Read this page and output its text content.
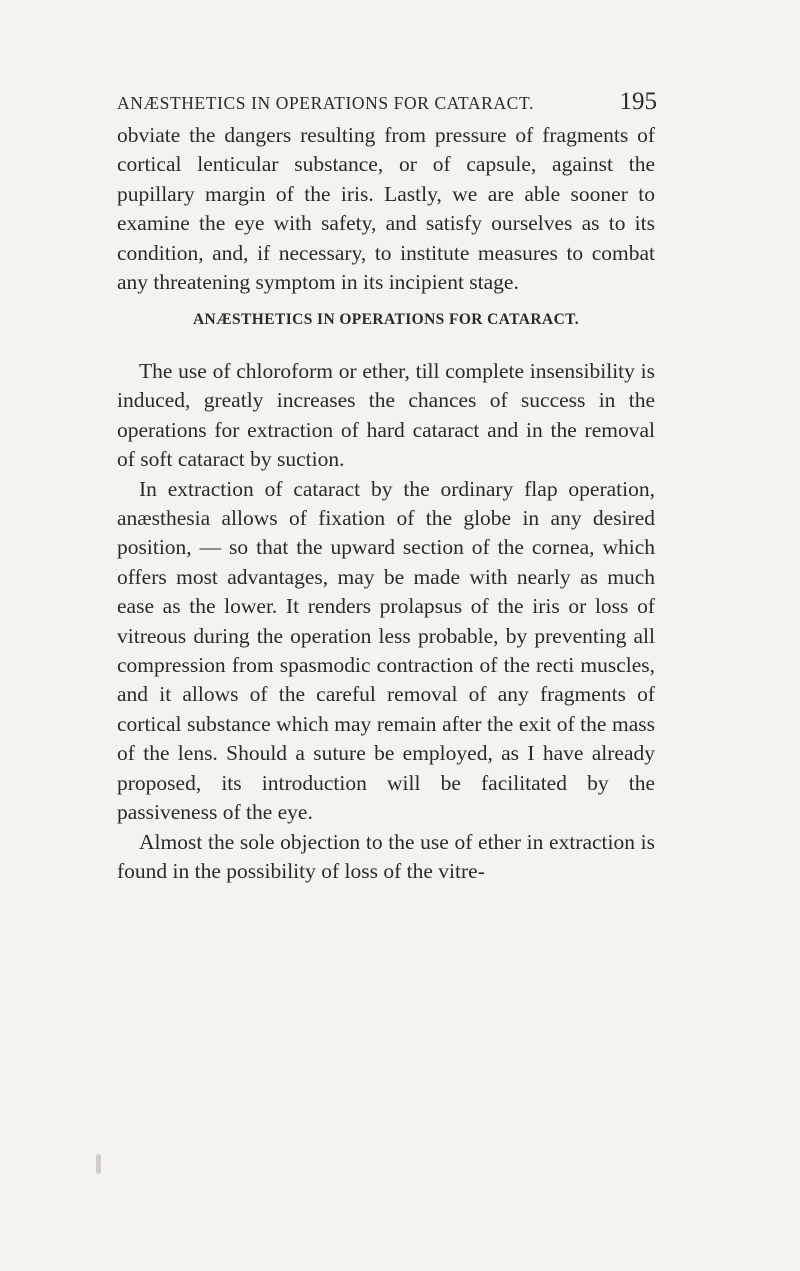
ANÆSTHETICS IN OPERATIONS FOR CATARACT.	195

obviate the dangers resulting from pressure of fragments of cortical lenticular substance, or of capsule, against the pupillary margin of the iris. Lastly, we are able sooner to examine the eye with safety, and satisfy ourselves as to its condition, and, if necessary, to institute measures to combat any threatening symptom in its incipient stage.

ANÆSTHETICS IN OPERATIONS FOR CATARACT.

The use of chloroform or ether, till complete insensibility is induced, greatly increases the chances of success in the operations for extraction of hard cataract and in the removal of soft cataract by suction.

In extraction of cataract by the ordinary flap operation, anæsthesia allows of fixation of the globe in any desired position, — so that the upward section of the cornea, which offers most advantages, may be made with nearly as much ease as the lower. It renders prolapsus of the iris or loss of vitreous during the operation less probable, by preventing all compression from spasmodic contraction of the recti muscles, and it allows of the careful removal of any fragments of cortical substance which may remain after the exit of the mass of the lens. Should a suture be employed, as I have already proposed, its introduction will be facilitated by the passiveness of the eye.

Almost the sole objection to the use of ether in extraction is found in the possibility of loss of the vitre-
